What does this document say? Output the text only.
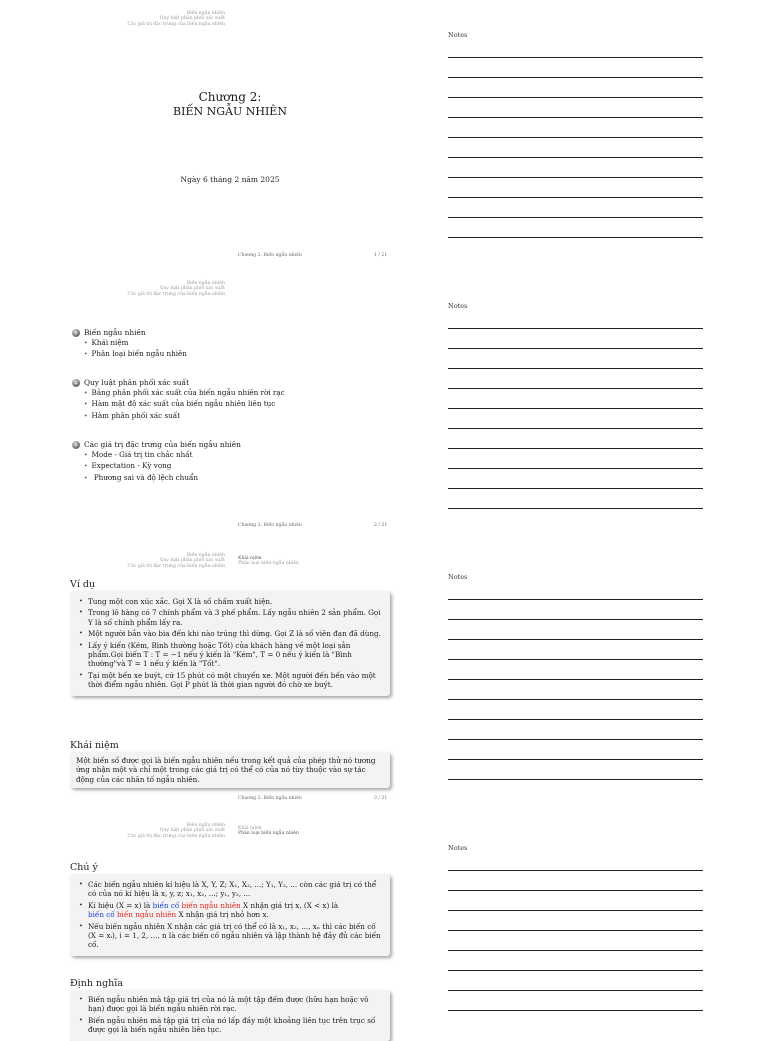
Biến ngẫu nhiên
Quy luật phân phối xác suất
Các giá trị đặc trưng của biến ngẫu nhiên
Chương 2:
BIẾN NGẪU NHIÊN
Ngày 6 tháng 2 năm 2025
Chương 2: Biến ngẫu nhiên	1 / 21
Biến ngẫu nhiên
Quy luật phân phối xác suất
Các giá trị đặc trưng của biến ngẫu nhiên
1 Biến ngẫu nhiên
• Khái niệm
• Phân loại biến ngẫu nhiên
2 Quy luật phân phối xác suất
• Bảng phân phối xác suất của biến ngẫu nhiên rời rạc
• Hàm mật độ xác suất của biến ngẫu nhiên liên tục
• Hàm phân phối xác suất
3 Các giá trị đặc trưng của biến ngẫu nhiên
• Mode - Giá trị tin chắc nhất
• Expectation - Kỳ vọng
• Phương sai và độ lệch chuẩn
Chương 2: Biến ngẫu nhiên	2 / 21
Biến ngẫu nhiên
Quy luật phân phối xác suất
Các giá trị đặc trưng của biến ngẫu nhiên
Khái niệm
Phân loại biến ngẫu nhiên
Ví dụ
• Tung một con xúc xắc. Gọi X là số chấm xuất hiện.
• Trong lô hàng có 7 chính phẩm và 3 phế phẩm. Lấy ngẫu nhiên 2 sản phẩm. Gọi Y là số chính phẩm lấy ra.
• Một người bắn vào bia đến khi nào trúng thì dừng. Gọi Z là số viên đạn đã dùng.
• Lấy ý kiến (Kém, Bình thường hoặc Tốt) của khách hàng về một loại sản phẩm.Gọi biến T : T = −1 nếu ý kiến là "Kém", T = 0 nếu ý kiến là "Bình thường"và T = 1 nếu ý kiến là "Tốt".
• Tại một bến xe buýt, cứ 15 phút có một chuyến xe. Một người đến bến vào một thời điểm ngẫu nhiên. Gọi P phút là thời gian người đó chờ xe buýt.
Khái niệm
Một biến số được gọi là biến ngẫu nhiên nếu trong kết quả của phép thử nó tương ứng nhận một và chỉ một trong các giá trị có thể có của nó tùy thuộc vào sự tác động của các nhân tố ngẫu nhiên.
Chương 2: Biến ngẫu nhiên	3 / 21
Biến ngẫu nhiên
Quy luật phân phối xác suất
Các giá trị đặc trưng của biến ngẫu nhiên
Khái niệm
Phân loại biến ngẫu nhiên
Chú ý
• Các biến ngẫu nhiên kí hiệu là X, Y, Z; X₁, X₂, ...; Y₁, Y₂, ... còn các giá trị có thể có của nó kí hiệu là x, y, z; x₁, x₂, ...; y₁, y₂, ...
• Kí hiệu (X = x) là biến cố biến ngẫu nhiên X nhận giá trị x, (X < x) là
biến cố biến ngẫu nhiên X nhận giá trị nhỏ hơn x.
• Nếu biến ngẫu nhiên X nhận các giá trị có thể có là x₁, x₂, ..., xₙ thì các biến cố (X = xᵢ), i = 1, 2, ..., n là các biến cố ngẫu nhiên và lập thành hệ đầy đủ các biến cố.
Định nghĩa
• Biến ngẫu nhiên mà tập giá trị của nó là một tập đếm được (hữu hạn hoặc vô hạn) được gọi là biến ngẫu nhiên rời rạc.
• Biến ngẫu nhiên mà tập giá trị của nó lấp đầy một khoảng liên tục trên trục số được gọi là biến ngẫu nhiên liên tục.
Notes
Notes
Notes
Notes
